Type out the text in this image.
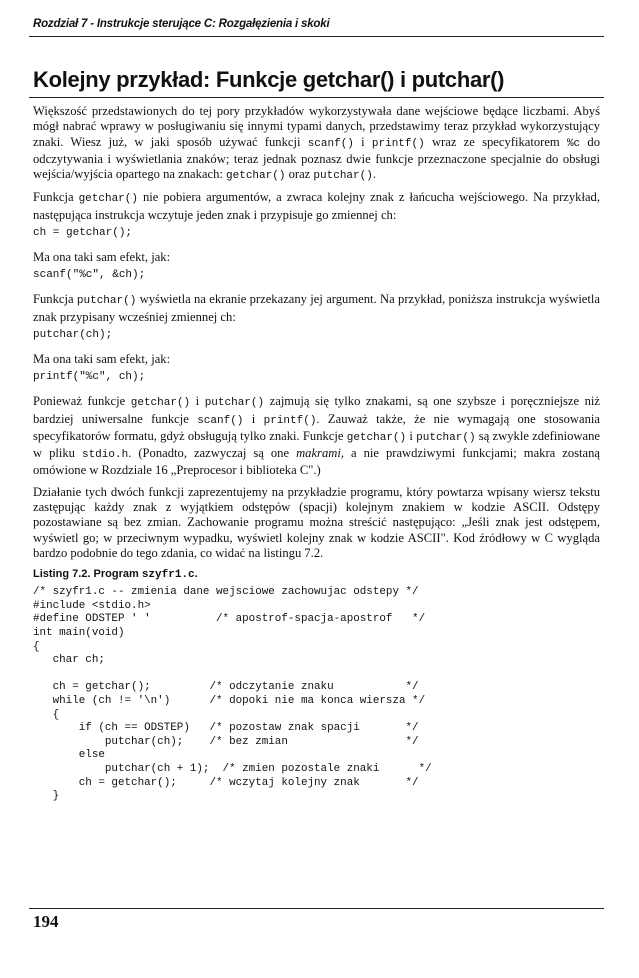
Rozdział 7 - Instrukcje sterujące C: Rozgałęzienia i skoki
Kolejny przykład: Funkcje getchar() i putchar()

Większość przedstawionych do tej pory przykładów wykorzystywała dane wejściowe będące liczbami. Abyś mógł nabrać wprawy w posługiwaniu się innymi typami danych, przedstawimy teraz przykład wykorzystujący znaki. Wiesz już, w jaki sposób używać funkcji scanf() i printf() wraz ze specyfikatorem %c do odczytywania i wyświetlania znaków; teraz jednak poznasz dwie funkcje przeznaczone specjalnie do obsługi wejścia/wyjścia opartego na znakach: getchar() oraz putchar().

Funkcja getchar() nie pobiera argumentów, a zwraca kolejny znak z łańcucha wejściowego. Na przykład, następująca instrukcja wczytuje jeden znak i przypisuje go zmiennej ch:

ch = getchar();

Ma ona taki sam efekt, jak:

scanf("%c", &ch);

Funkcja putchar() wyświetla na ekranie przekazany jej argument. Na przykład, poniższa instrukcja wyświetla znak przypisany wcześniej zmiennej ch:

putchar(ch);

Ma ona taki sam efekt, jak:

printf("%c", ch);

Ponieważ funkcje getchar() i putchar() zajmują się tylko znakami, są one szybsze i poręczniejsze niż bardziej uniwersalne funkcje scanf() i printf(). Zauważ także, że nie wymagają one stosowania specyfikatorów formatu, gdyż obsługują tylko znaki. Funkcje getchar() i putchar() są zwykle zdefiniowane w pliku stdio.h. (Ponadto, zazwyczaj są one makrami, a nie prawdziwymi funkcjami; makra zostaną omówione w Rozdziale 16 „Preprocesor i biblioteka C".)

Działanie tych dwóch funkcji zaprezentujemy na przykładzie programu, który powtarza wpisany wiersz tekstu zastępując każdy znak z wyjątkiem odstępów (spacji) kolejnym znakiem w kodzie ASCII. Odstępy pozostawiane są bez zmian. Zachowanie programu można streścić następująco: „Jeśli znak jest odstępem, wyświetl go; w przeciwnym wypadku, wyświetl kolejny znak w kodzie ASCII". Kod źródłowy w C wygląda bardzo podobnie do tego zdania, co widać na listingu 7.2.

Listing 7.2. Program szyfr1.c.
/* szyfr1.c -- zmienia dane wejsciowe zachowujac odstepy */
#include <stdio.h>
#define ODSTEP ' '          /* apostrof-spacja-apostrof   */
int main(void)
{
char ch;

ch = getchar();         /* odczytanie znaku           */
while (ch != '\n')      /* dopoki nie ma konca wiersza */
{
if (ch == ODSTEP)   /* pozostaw znak spacji       */
putchar(ch);    /* bez zmian                  */
else
putchar(ch + 1);  /* zmien pozostale znaki      */
ch = getchar();     /* wczytaj kolejny znak       */
}
194
